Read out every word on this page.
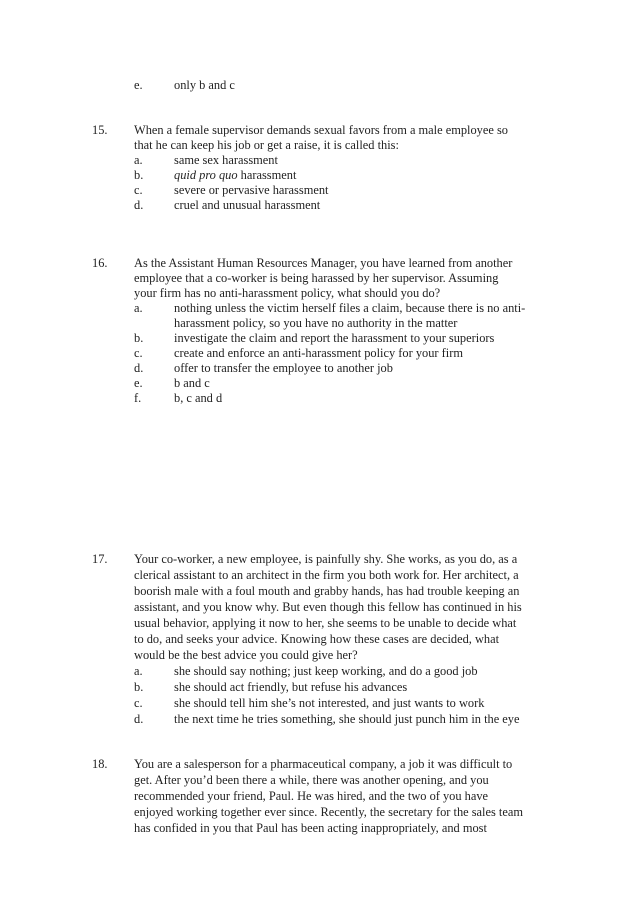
e.	only b and c
15. When a female supervisor demands sexual favors from a male employee so
that he can keep his job or get a raise, it is called this:
a.	same sex harassment
b. quid pro quo harassment
c.	severe or pervasive harassment
d. cruel and unusual harassment
16. As the Assistant Human Resources Manager, you have learned from another
employee that a co-worker is being harassed by her supervisor. Assuming
your firm has no anti-harassment policy, what should you do?
a.	nothing unless the victim herself files a claim, because there is no anti-
harassment policy, so you have no authority in the matter
b. investigate the claim and report the harassment to your superiors
c.	create and enforce an anti-harassment policy for your firm
d. offer to transfer the employee to another job
e.	b and c
f.	b, c and d
17. Your co-worker, a new employee, is painfully shy. She works, as you do, as a
clerical assistant to an architect in the firm you both work for. Her architect, a
boorish male with a foul mouth and grabby hands, has had trouble keeping an
assistant, and you know why. But even though this fellow has continued in his
usual behavior, applying it now to her, she seems to be unable to decide what
to do, and seeks your advice. Knowing how these cases are decided, what
would be the best advice you could give her?
a.	she should say nothing; just keep working, and do a good job
b. she should act friendly, but refuse his advances
c.	she should tell him she’s not interested, and just wants to work
d. the next time he tries something, she should just punch him in the eye
18. You are a salesperson for a pharmaceutical company, a job it was difficult to
get. After you’d been there a while, there was another opening, and you
recommended your friend, Paul. He was hired, and the two of you have
enjoyed working together ever since. Recently, the secretary for the sales team
has confided in you that Paul has been acting inappropriately, and most
